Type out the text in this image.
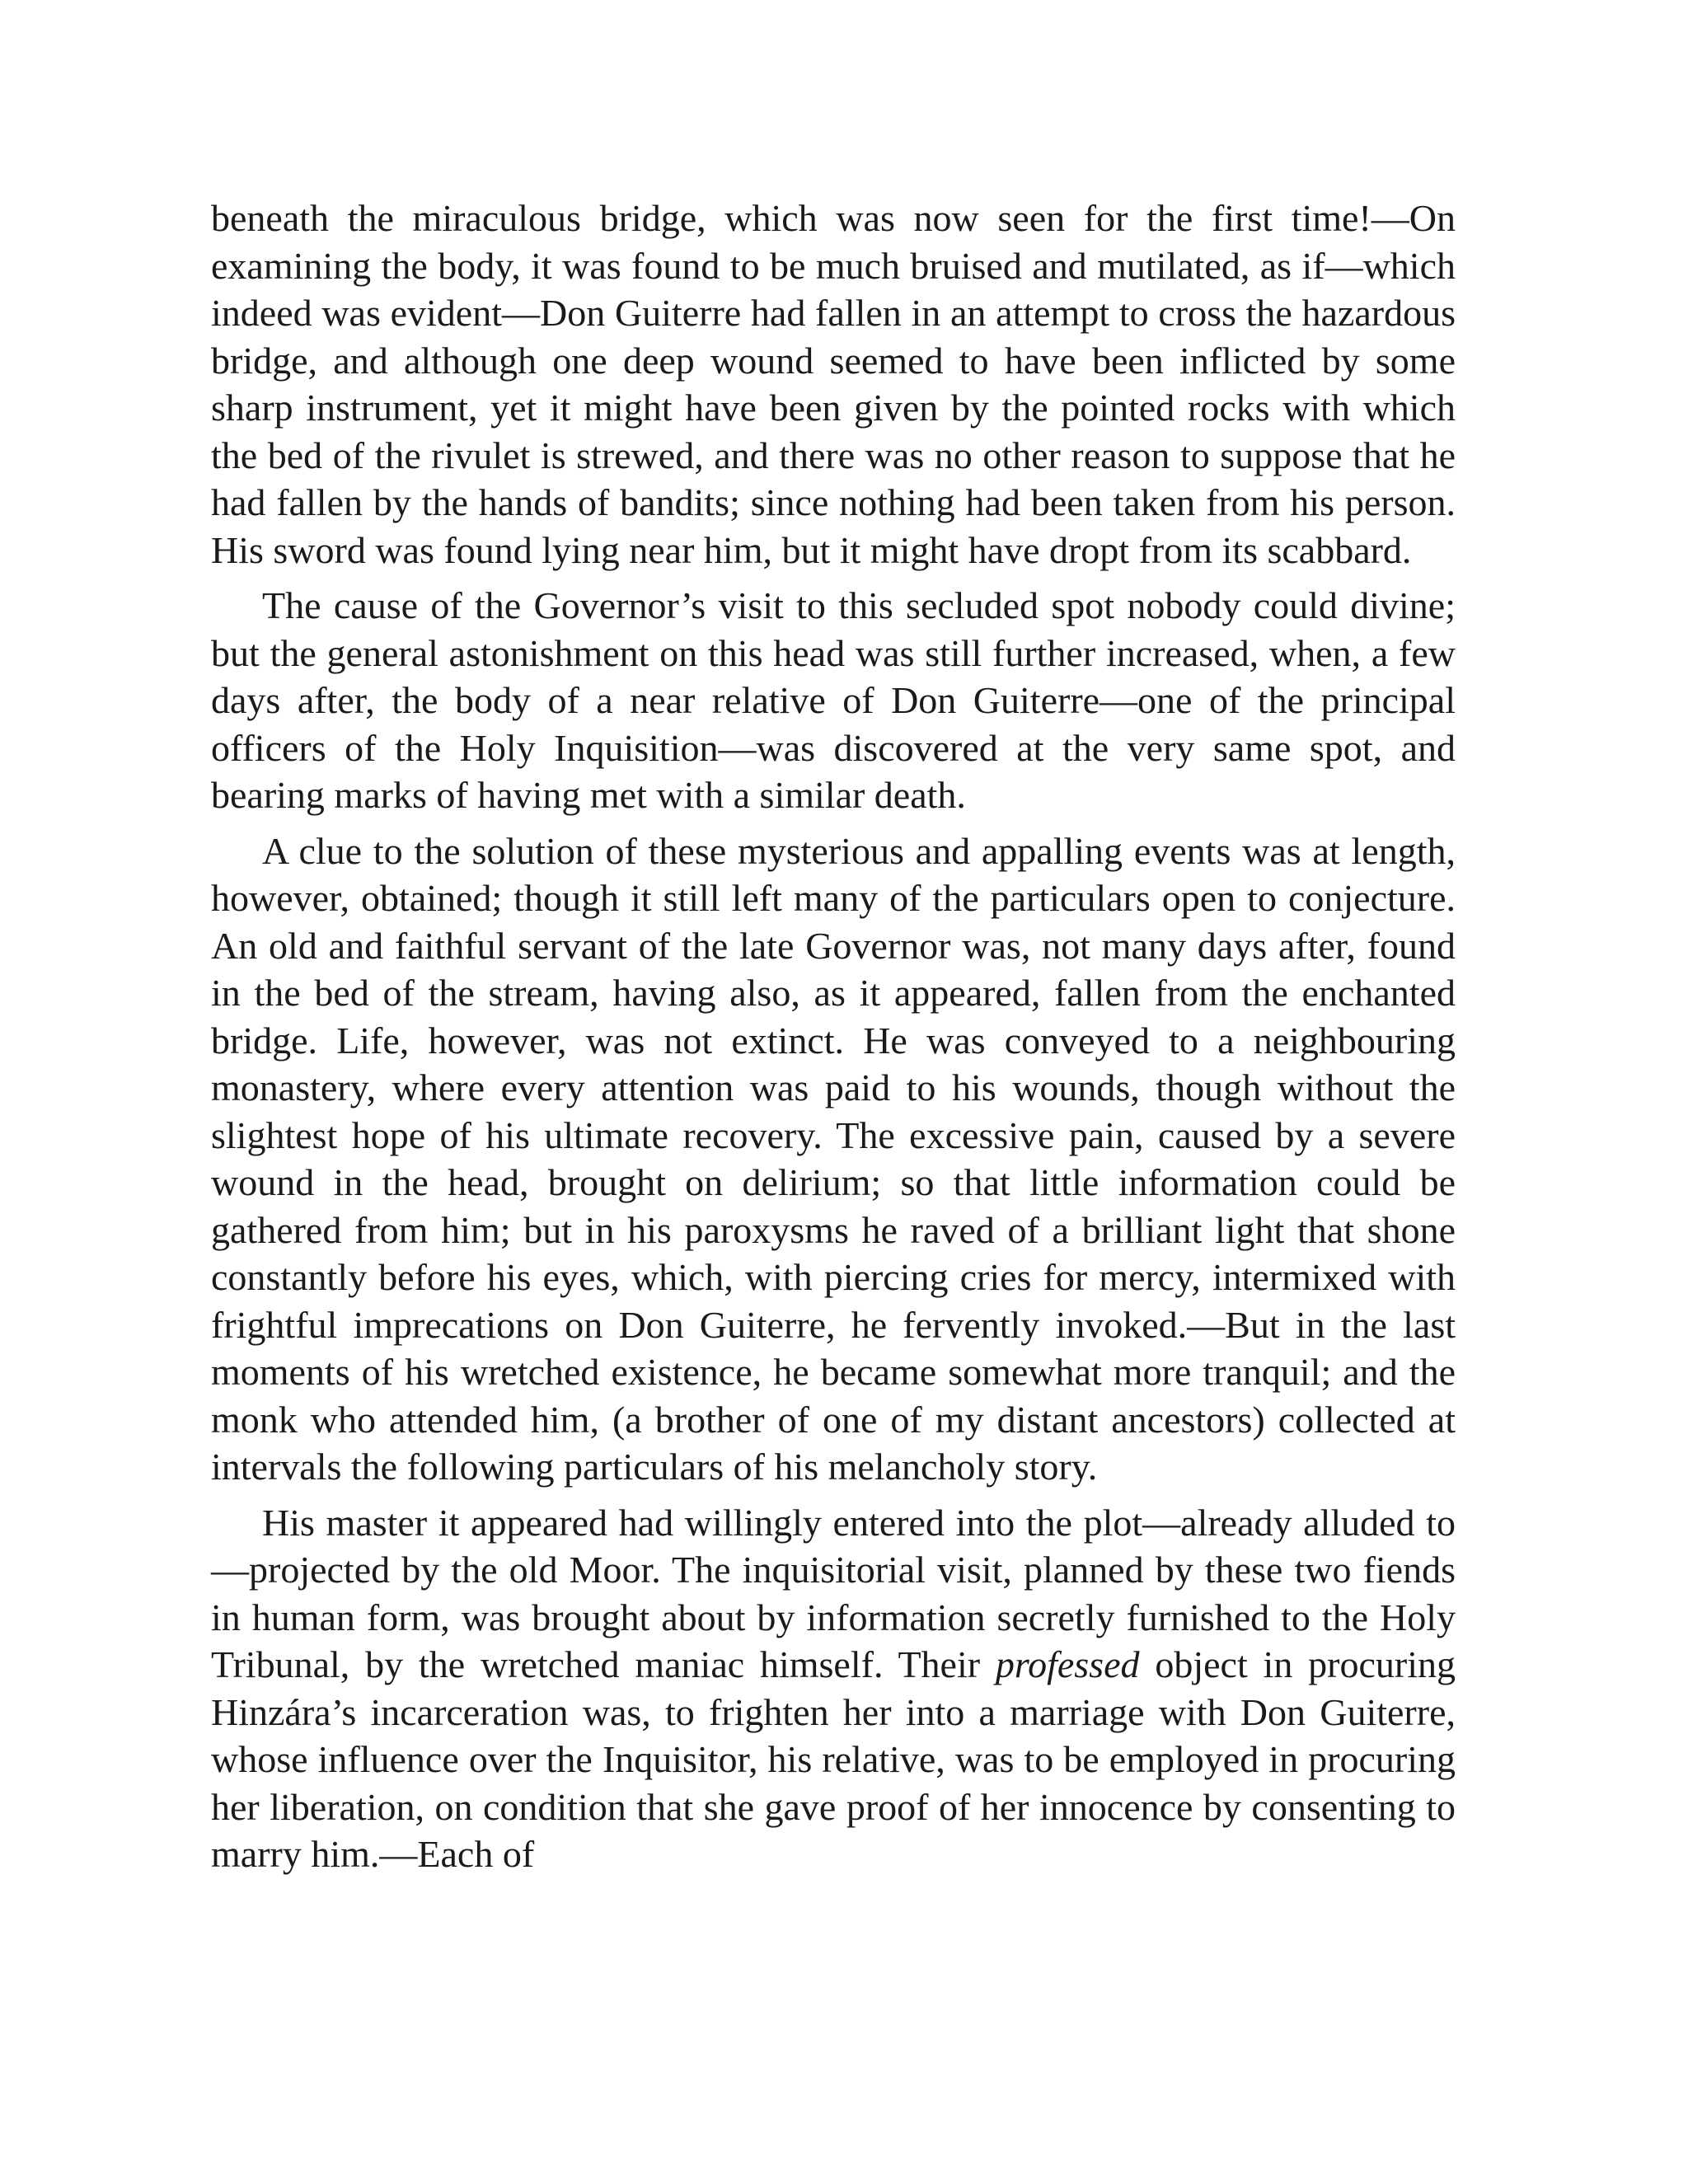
beneath the miraculous bridge, which was now seen for the first time!—On examining the body, it was found to be much bruised and mutilated, as if—which indeed was evident—Don Guiterre had fallen in an attempt to cross the hazardous bridge, and although one deep wound seemed to have been inflicted by some sharp instrument, yet it might have been given by the pointed rocks with which the bed of the rivulet is strewed, and there was no other reason to suppose that he had fallen by the hands of bandits; since nothing had been taken from his person. His sword was found lying near him, but it might have dropt from its scabbard.

The cause of the Governor’s visit to this secluded spot nobody could divine; but the general astonishment on this head was still further increased, when, a few days after, the body of a near relative of Don Guiterre—one of the principal officers of the Holy Inquisition—was discovered at the very same spot, and bearing marks of having met with a similar death.

A clue to the solution of these mysterious and appalling events was at length, however, obtained; though it still left many of the particulars open to conjecture. An old and faithful servant of the late Governor was, not many days after, found in the bed of the stream, having also, as it appeared, fallen from the enchanted bridge. Life, however, was not extinct. He was conveyed to a neighbouring monastery, where every attention was paid to his wounds, though without the slightest hope of his ultimate recovery. The excessive pain, caused by a severe wound in the head, brought on delirium; so that little information could be gathered from him; but in his paroxysms he raved of a brilliant light that shone constantly before his eyes, which, with piercing cries for mercy, intermixed with frightful imprecations on Don Guiterre, he fervently invoked.—But in the last moments of his wretched existence, he became somewhat more tranquil; and the monk who attended him, (a brother of one of my distant ancestors) collected at intervals the following particulars of his melancholy story.

His master it appeared had willingly entered into the plot—already alluded to—projected by the old Moor. The inquisitorial visit, planned by these two fiends in human form, was brought about by information secretly furnished to the Holy Tribunal, by the wretched maniac himself. Their professed object in procuring Hinzára’s incarceration was, to frighten her into a marriage with Don Guiterre, whose influence over the Inquisitor, his relative, was to be employed in procuring her liberation, on condition that she gave proof of her innocence by consenting to marry him.—Each of
